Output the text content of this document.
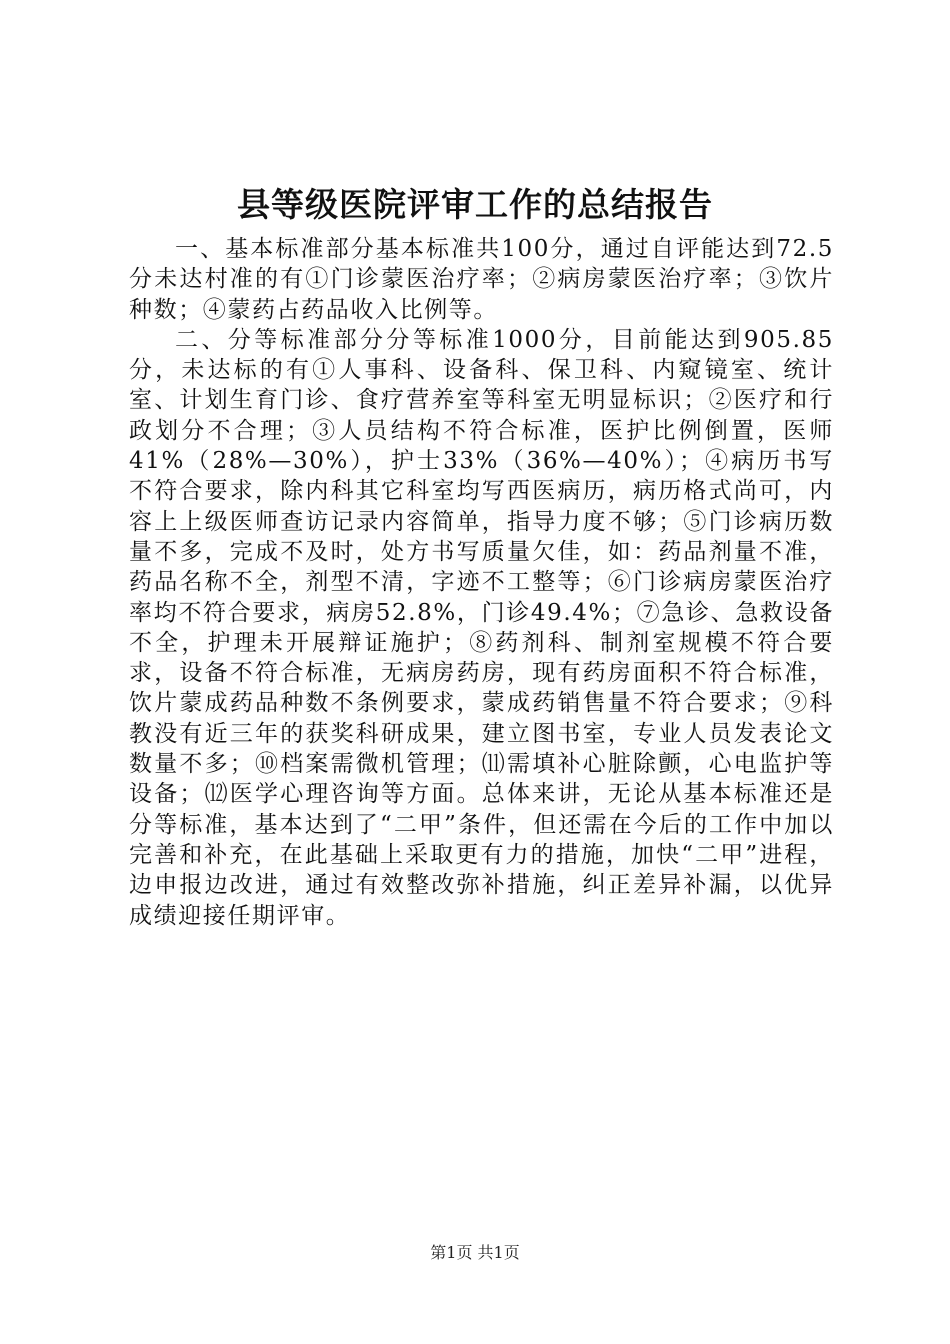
县等级医院评审工作的总结报告

一、基本标准部分基本标准共100分，通过自评能达到72.5分未达村准的有①门诊蒙医治疗率；②病房蒙医治疗率；③饮片种数；④蒙药占药品收入比例等。

二、分等标准部分分等标准1000分，目前能达到905.85分，未达标的有①人事科、设备科、保卫科、内窥镜室、统计室、计划生育门诊、食疗营养室等科室无明显标识；②医疗和行政划分不合理；③人员结构不符合标准，医护比例倒置，医师41%（28%—30%），护士33%（36%—40%）；④病历书写不符合要求，除内科其它科室均写西医病历，病历格式尚可，内容上上级医师查访记录内容简单，指导力度不够；⑤门诊病历数量不多，完成不及时，处方书写质量欠佳，如：药品剂量不准，药品名称不全，剂型不清，字迹不工整等；⑥门诊病房蒙医治疗率均不符合要求，病房52.8%，门诊49.4%；⑦急诊、急救设备不全，护理未开展辩证施护；⑧药剂科、制剂室规模不符合要求，设备不符合标准，无病房药房，现有药房面积不符合标准，饮片蒙成药品种数不条例要求，蒙成药销售量不符合要求；⑨科教没有近三年的获奖科研成果，建立图书室，专业人员发表论文数量不多；⑩档案需微机管理；⑾需填补心脏除颤，心电监护等设备；⑿医学心理咨询等方面。总体来讲，无论从基本标准还是分等标准，基本达到了“二甲”条件，但还需在今后的工作中加以完善和补充，在此基础上采取更有力的措施，加快“二甲”进程，边申报边改进，通过有效整改弥补措施，纠正差异补漏，以优异成绩迎接任期评审。

第1页 共1页
